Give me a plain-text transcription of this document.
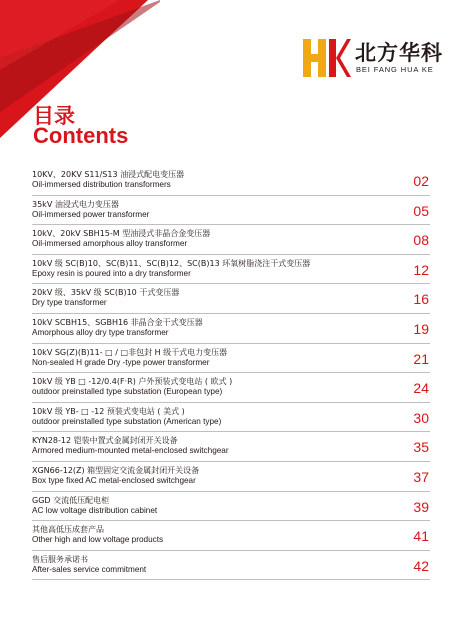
北方华科
BEI FANG HUA KE
目录
Contents
10KV、20KV S11/S13 油浸式配电变压器
Oil-immersed distribution transformers	02
35kV 油浸式电力变压器
Oil-immersed power transformer	05
10kV、20kV SBH15-M 型油浸式非晶合金变压器
Oil-immersed amorphous alloy transformer	08
10kV 级 SC(B)10、SC(B)11、SC(B)12、SC(B)13 环氧树脂浇注干式变压器
Epoxy resin is poured into a dry transformer	12
20kV 级、35kV 级 SC(B)10 干式变压器
Dry type transformer	16
10kV SCBH15、SGBH16 非晶合金干式变压器
Amorphous alloy dry type transformer	19
10kV SG(Z)(B)11- □ / □非包封 H 级干式电力变压器
Non-sealed H grade Dry -type power transformer	21
10kV 级 YB □ -12/0.4(F·R) 户外预装式变电站 ( 欧式 )
outdoor preinstalled type substation (European type)	24
10kV 级 YB- □ -12 预装式变电站 ( 美式 )
outdoor preinstalled type substation (American type)	30
KYN28-12 铠装中置式金属封闭开关设备
Armored medium-mounted metal-enclosed switchgear	35
XGN66-12(Z) 箱型固定交流金属封闭开关设备
Box type fixed AC metal-enclosed switchgear	37
GGD 交流低压配电柜
AC low voltage distribution cabinet	39
其他高低压成套产品
Other high and low voltage products	41
售后服务承诺书
After-sales service commitment	42
